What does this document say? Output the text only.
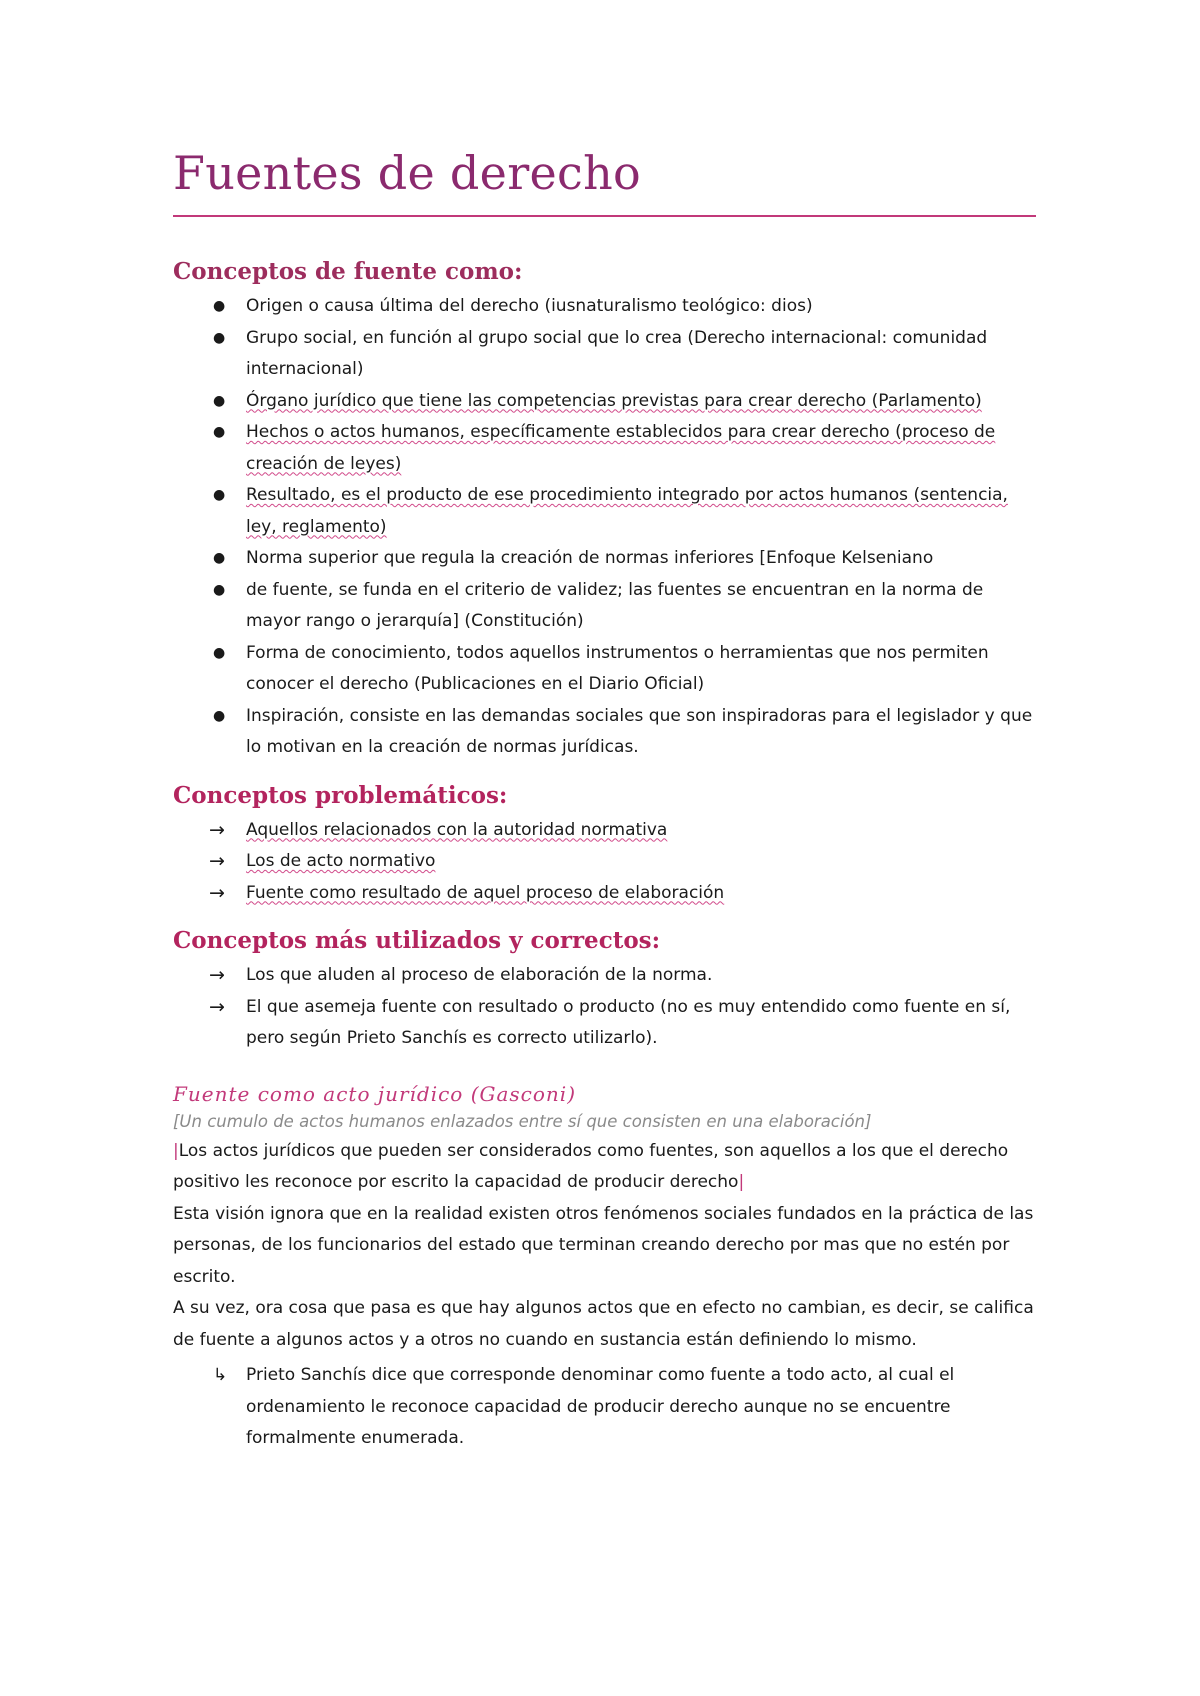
Fuentes de derecho
Conceptos de fuente como:
●	Origen o causa última del derecho (iusnaturalismo teológico: dios)
●	Grupo social, en función al grupo social que lo crea (Derecho internacional: comunidad internacional)
●	Órgano jurídico que tiene las competencias previstas para crear derecho (Parlamento)
●	Hechos o actos humanos, específicamente establecidos para crear derecho (proceso de creación de leyes)
●	Resultado, es el producto de ese procedimiento integrado por actos humanos (sentencia, ley, reglamento)
●	Norma superior que regula la creación de normas inferiores [Enfoque Kelseniano
●	de fuente, se funda en el criterio de validez; las fuentes se encuentran en la norma de mayor rango o jerarquía] (Constitución)
●	Forma de conocimiento, todos aquellos instrumentos o herramientas que nos permiten conocer el derecho (Publicaciones en el Diario Oficial)
●	Inspiración, consiste en las demandas sociales que son inspiradoras para el legislador y que lo motivan en la creación de normas jurídicas.
Conceptos problemáticos:
→	Aquellos relacionados con la autoridad normativa
→	Los de acto normativo
→	Fuente como resultado de aquel proceso de elaboración
Conceptos más utilizados y correctos:
→	Los que aluden al proceso de elaboración de la norma.
→	El que asemeja fuente con resultado o producto (no es muy entendido como fuente en sí, pero según Prieto Sanchís es correcto utilizarlo).
Fuente como acto jurídico (Gasconi)

[Un cumulo de actos humanos enlazados entre sí que consisten en una elaboración]

|Los actos jurídicos que pueden ser considerados como fuentes, son aquellos a los que el derecho positivo les reconoce por escrito la capacidad de producir derecho|

Esta visión ignora que en la realidad existen otros fenómenos sociales fundados en la práctica de las personas, de los funcionarios del estado que terminan creando derecho por mas que no estén por escrito.

A su vez, ora cosa que pasa es que hay algunos actos que en efecto no cambian, es decir, se califica de fuente a algunos actos y a otros no cuando en sustancia están definiendo lo mismo.

↳	Prieto Sanchís dice que corresponde denominar como fuente a todo acto, al cual el ordenamiento le reconoce capacidad de producir derecho aunque no se encuentre formalmente enumerada.
